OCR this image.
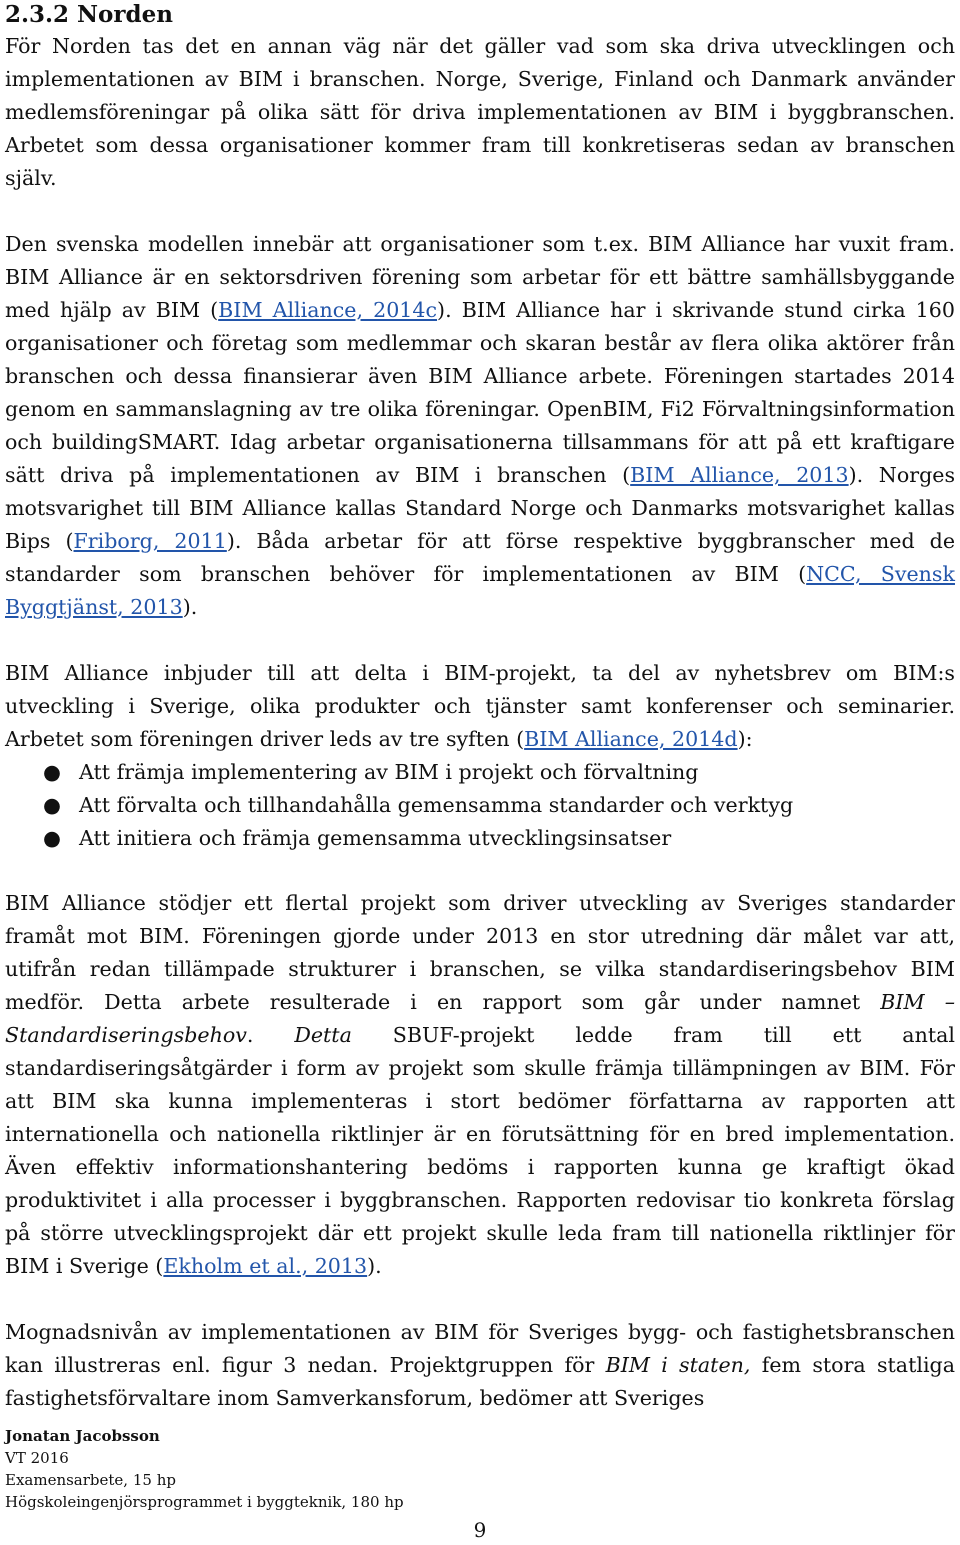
2.3.2 Norden

För Norden tas det en annan väg när det gäller vad som ska driva utvecklingen och implementationen av BIM i branschen. Norge, Sverige, Finland och Danmark använder medlemsföreningar på olika sätt för driva implementationen av BIM i byggbranschen. Arbetet som dessa organisationer kommer fram till konkretiseras sedan av branschen själv.

Den svenska modellen innebär att organisationer som t.ex. BIM Alliance har vuxit fram. BIM Alliance är en sektorsdriven förening som arbetar för ett bättre samhällsbyggande med hjälp av BIM (BIM Alliance, 2014c). BIM Alliance har i skrivande stund cirka 160 organisationer och företag som medlemmar och skaran består av flera olika aktörer från branschen och dessa finansierar även BIM Alliance arbete. Föreningen startades 2014 genom en sammanslagning av tre olika föreningar. OpenBIM, Fi2 Förvaltningsinformation och buildingSMART. Idag arbetar organisationerna tillsammans för att på ett kraftigare sätt driva på implementationen av BIM i branschen (BIM Alliance, 2013). Norges motsvarighet till BIM Alliance kallas Standard Norge och Danmarks motsvarighet kallas Bips (Friborg, 2011). Båda arbetar för att förse respektive byggbranscher med de standarder som branschen behöver för implementationen av BIM (NCC, Svensk Byggtjänst, 2013).

BIM Alliance inbjuder till att delta i BIM-projekt, ta del av nyhetsbrev om BIM:s utveckling i Sverige, olika produkter och tjänster samt konferenser och seminarier. Arbetet som föreningen driver leds av tre syften (BIM Alliance, 2014d):

● Att främja implementering av BIM i projekt och förvaltning
● Att förvalta och tillhandahålla gemensamma standarder och verktyg
● Att initiera och främja gemensamma utvecklingsinsatser

BIM Alliance stödjer ett flertal projekt som driver utveckling av Sveriges standarder framåt mot BIM. Föreningen gjorde under 2013 en stor utredning där målet var att, utifrån redan tillämpade strukturer i branschen, se vilka standardiseringsbehov BIM medför. Detta arbete resulterade i en rapport som går under namnet BIM – Standardiseringsbehov. Detta SBUF-projekt ledde fram till ett antal standardiseringsåtgärder i form av projekt som skulle främja tillämpningen av BIM. För att BIM ska kunna implementeras i stort bedömer författarna av rapporten att internationella och nationella riktlinjer är en förutsättning för en bred implementation. Även effektiv informationshantering bedöms i rapporten kunna ge kraftigt ökad produktivitet i alla processer i byggbranschen. Rapporten redovisar tio konkreta förslag på större utvecklingsprojekt där ett projekt skulle leda fram till nationella riktlinjer för BIM i Sverige (Ekholm et al., 2013).

Mognadsnivån av implementationen av BIM för Sveriges bygg- och fastighetsbranschen kan illustreras enl. figur 3 nedan. Projektgruppen för BIM i staten, fem stora statliga fastighetsförvaltare inom Samverkansforum, bedömer att Sveriges

Jonatan Jacobsson
VT 2016
Examensarbete, 15 hp
Högskoleingenjörsprogrammet i byggteknik, 180 hp
9
